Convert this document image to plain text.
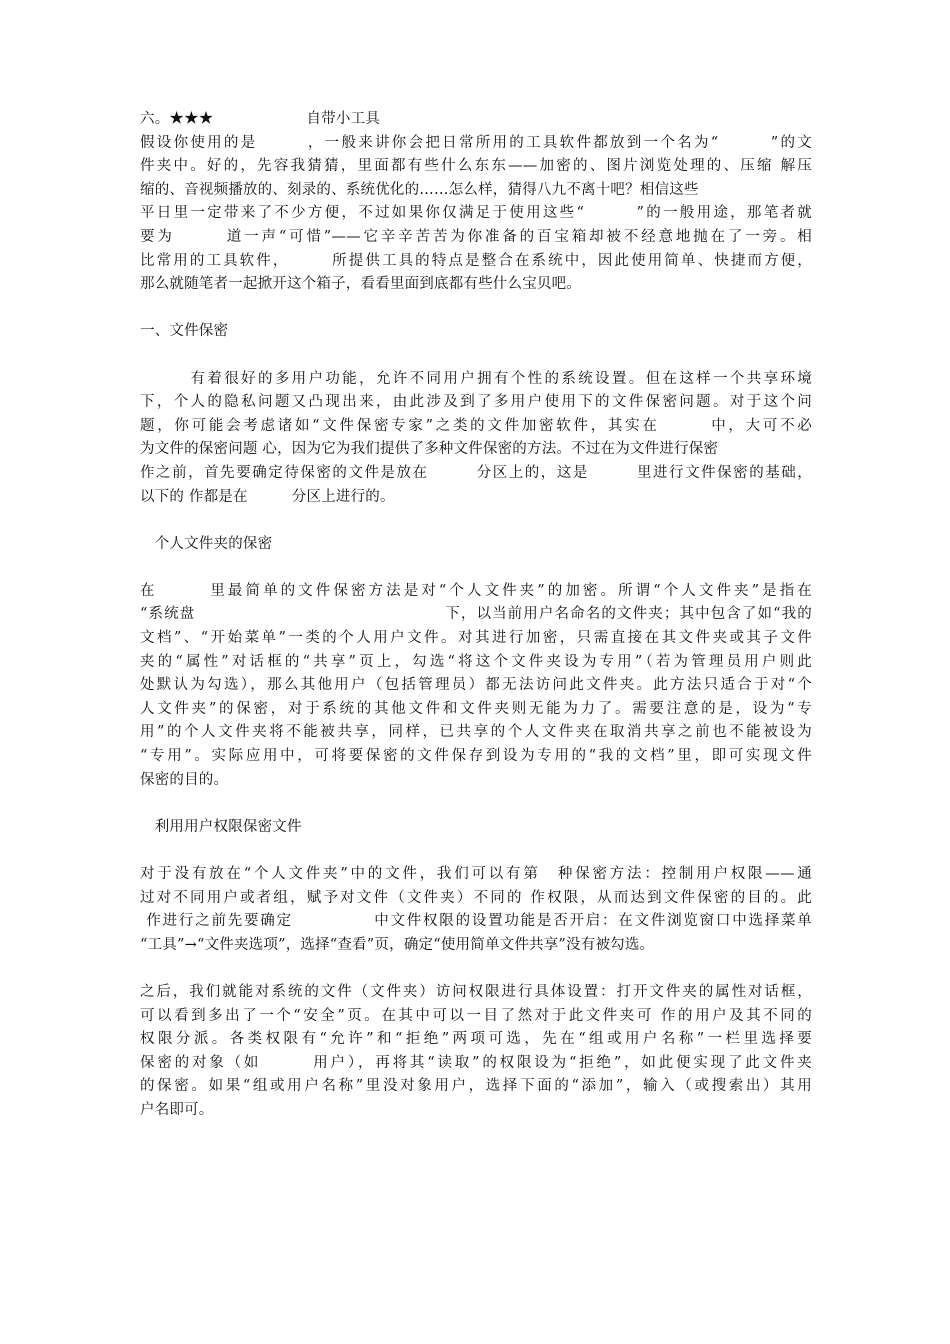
六。★★★　　　　　　 自带小工具
假设你使用的是　　　，一般来讲你会把日常所用的工具软件都放到一个名为“　　　”的文
件夹中。好的，先容我猜猜，里面都有些什么东东——加密的、图片浏览处理的、压缩 解压
缩的、音视频播放的、刻录的、系统优化的……怎么样，猜得八九不离十吧？相信这些
平日里一定带来了不少方便，不过如果你仅满足于使用这些“　　　”的一般用途，那笔者就
要为　　　道一声“可惜”——它辛辛苦苦为你准备的百宝箱却被不经意地抛在了一旁。相
比常用的工具软件，　　　所提供工具的特点是整合在系统中，因此使用简单、快捷而方便，
那么就随笔者一起掀开这个箱子，看看里面到底都有些什么宝贝吧。
一、文件保密
　　　有着很好的多用户功能，允许不同用户拥有个性的系统设置。但在这样一个共享环境
下，个人的隐私问题又凸现出来，由此涉及到了多用户使用下的文件保密问题。对于这个问
题，你可能会考虑诸如“文件保密专家”之类的文件加密软件，其实在　　　中，大可不必
为文件的保密问题 心，因为它为我们提供了多种文件保密的方法。不过在为文件进行保密
作之前，首先要确定待保密的文件是放在　　　分区上的，这是　　　里进行文件保密的基础，
以下的 作都是在　　　分区上进行的。
　个人文件夹的保密
在　　　里最简单的文件保密方法是对“个人文件夹”的加密。所谓“个人文件夹”是指在
“系统盘　　　　　　　　　　　　　　　　下，以当前用户名命名的文件夹；其中包含了如“我的
文档”、“开始菜单”一类的个人用户文件。对其进行加密，只需直接在其文件夹或其子文件
夹的“属性”对话框的“共享”页上，勾选“将这个文件夹设为专用”（若为管理员用户则此
处默认为勾选），那么其他用户（包括管理员）都无法访问此文件夹。此方法只适合于对“个
人文件夹”的保密，对于系统的其他文件和文件夹则无能为力了。需要注意的是，设为“专
用”的个人文件夹将不能被共享，同样，已共享的个人文件夹在取消共享之前也不能被设为
“专用”。实际应用中，可将要保密的文件保存到设为专用的“我的文档”里，即可实现文件
保密的目的。
　利用用户权限保密文件
对于没有放在“个人文件夹”中的文件，我们可以有第　种保密方法：控制用户权限——通
过对不同用户或者组，赋予对文件（文件夹）不同的 作权限，从而达到文件保密的目的。此
作进行之前先要确定　　　　　中文件权限的设置功能是否开启：在文件浏览窗口中选择菜单
“工具”→“文件夹选项”，选择“查看”页，确定“使用简单文件共享”没有被勾选。
之后，我们就能对系统的文件（文件夹）访问权限进行具体设置：打开文件夹的属性对话框，
可以看到多出了一个“安全”页。在其中可以一目了然对于此文件夹可 作的用户及其不同的
权限分派。各类权限有“允许”和“拒绝”两项可选，先在“组或用户名称”一栏里选择要
保密的对象（如　　　用户），再将其“读取”的权限设为“拒绝”，如此便实现了此文件夹
的保密。如果“组或用户名称”里没对象用户，选择下面的“添加”，输入（或搜索出）其用
户名即可。
